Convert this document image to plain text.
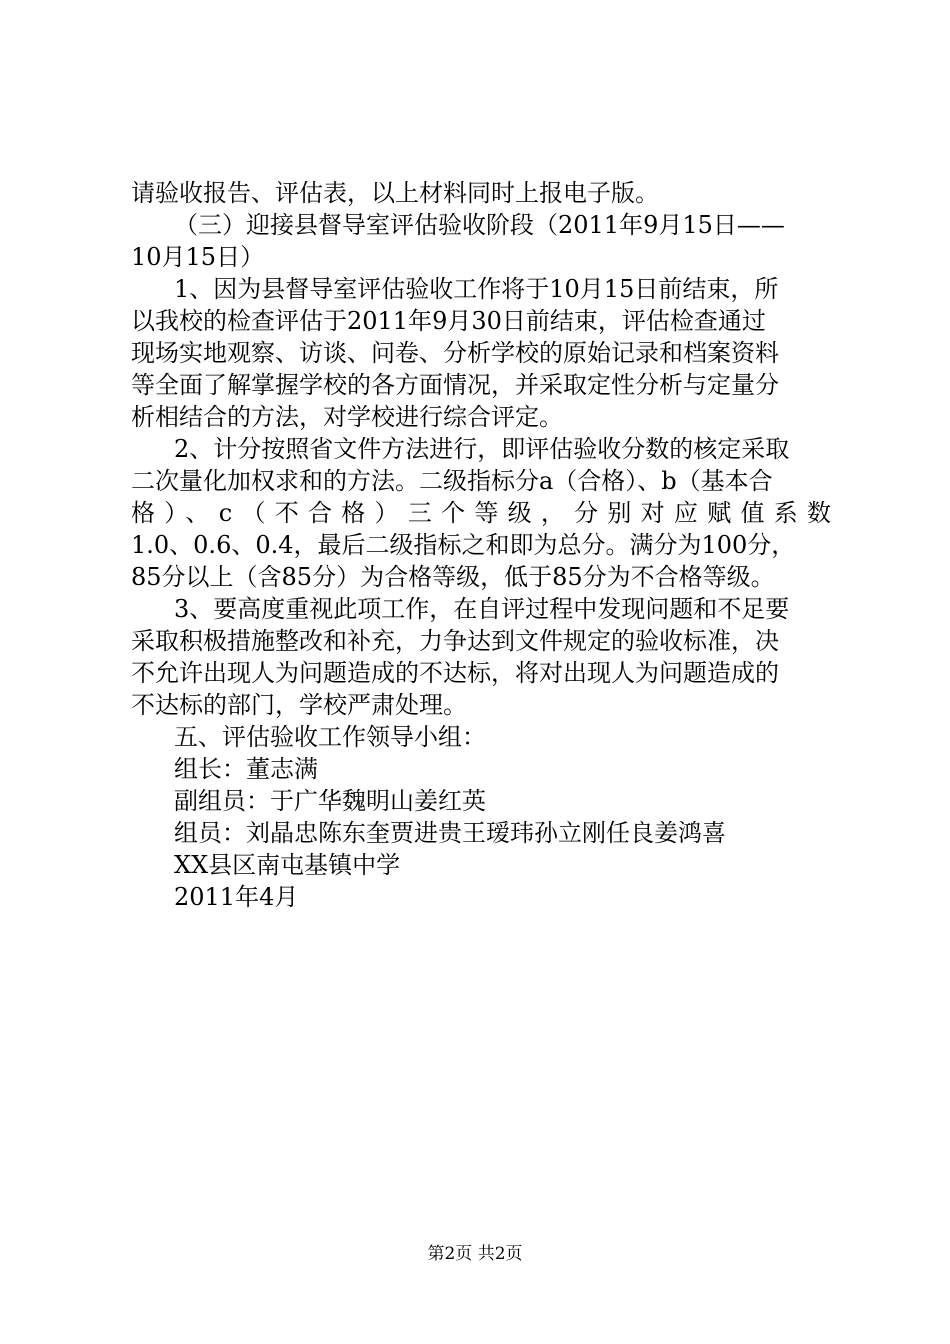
请验收报告、评估表，以上材料同时上报电子版。
（三）迎接县督导室评估验收阶段（2011年9月15日——
10月15日）
1、因为县督导室评估验收工作将于10月15日前结束，所
以我校的检查评估于2011年9月30日前结束，评估检查通过
现场实地观察、访谈、问卷、分析学校的原始记录和档案资料
等全面了解掌握学校的各方面情况，并采取定性分析与定量分
析相结合的方法，对学校进行综合评定。
2、计分按照省文件方法进行，即评估验收分数的核定采取
二次量化加权求和的方法。二级指标分a（合格）、b（基本合
格）、c（不合格）三个等级，分别对应赋值系数
1.0、0.6、0.4，最后二级指标之和即为总分。满分为100分，
85分以上（含85分）为合格等级，低于85分为不合格等级。
3、要高度重视此项工作，在自评过程中发现问题和不足要
采取积极措施整改和补充，力争达到文件规定的验收标准，决
不允许出现人为问题造成的不达标，将对出现人为问题造成的
不达标的部门，学校严肃处理。
五、评估验收工作领导小组：
组长：董志满
副组员：于广华魏明山姜红英
组员：刘晶忠陈东奎贾进贵王瑷玮孙立刚任良姜鸿喜
XX县区南屯基镇中学
2011年4月
第2页 共2页
